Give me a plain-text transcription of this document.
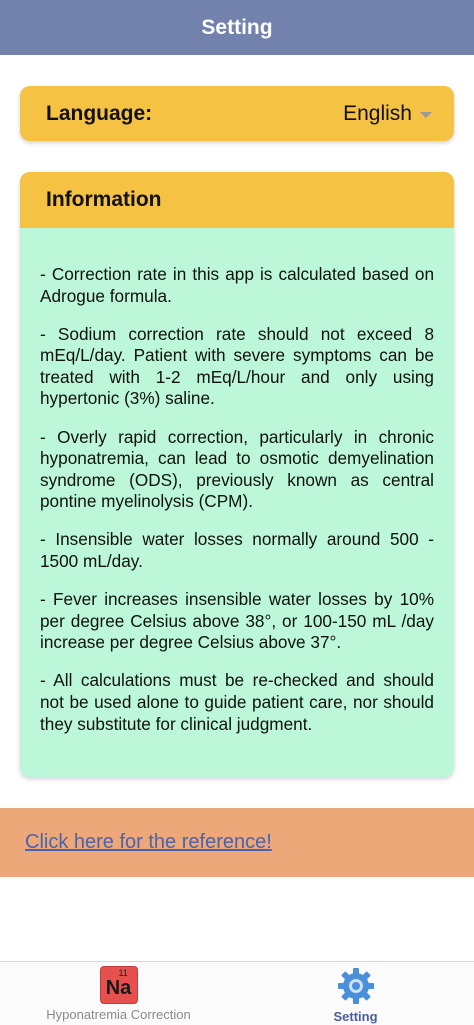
Setting
Language:	English
Information

- Correction rate in this app is calculated based on Adrogue formula.

- Sodium correction rate should not exceed 8 mEq/L/day. Patient with severe symptoms can be treated with 1-2 mEq/L/hour and only using hypertonic (3%) saline.

- Overly rapid correction, particularly in chronic hyponatremia, can lead to osmotic demyelination syndrome (ODS), previously known as central pontine myelinolysis (CPM).

- Insensible water losses normally around 500 - 1500 mL/day.

- Fever increases insensible water losses by 10% per degree Celsius above 38°, or 100-150 mL /day increase per degree Celsius above 37°.

- All calculations must be re-checked and should not be used alone to guide patient care, nor should they substitute for clinical judgment.

Click here for the reference!
11
Na
Hyponatremia Correction	Setting
